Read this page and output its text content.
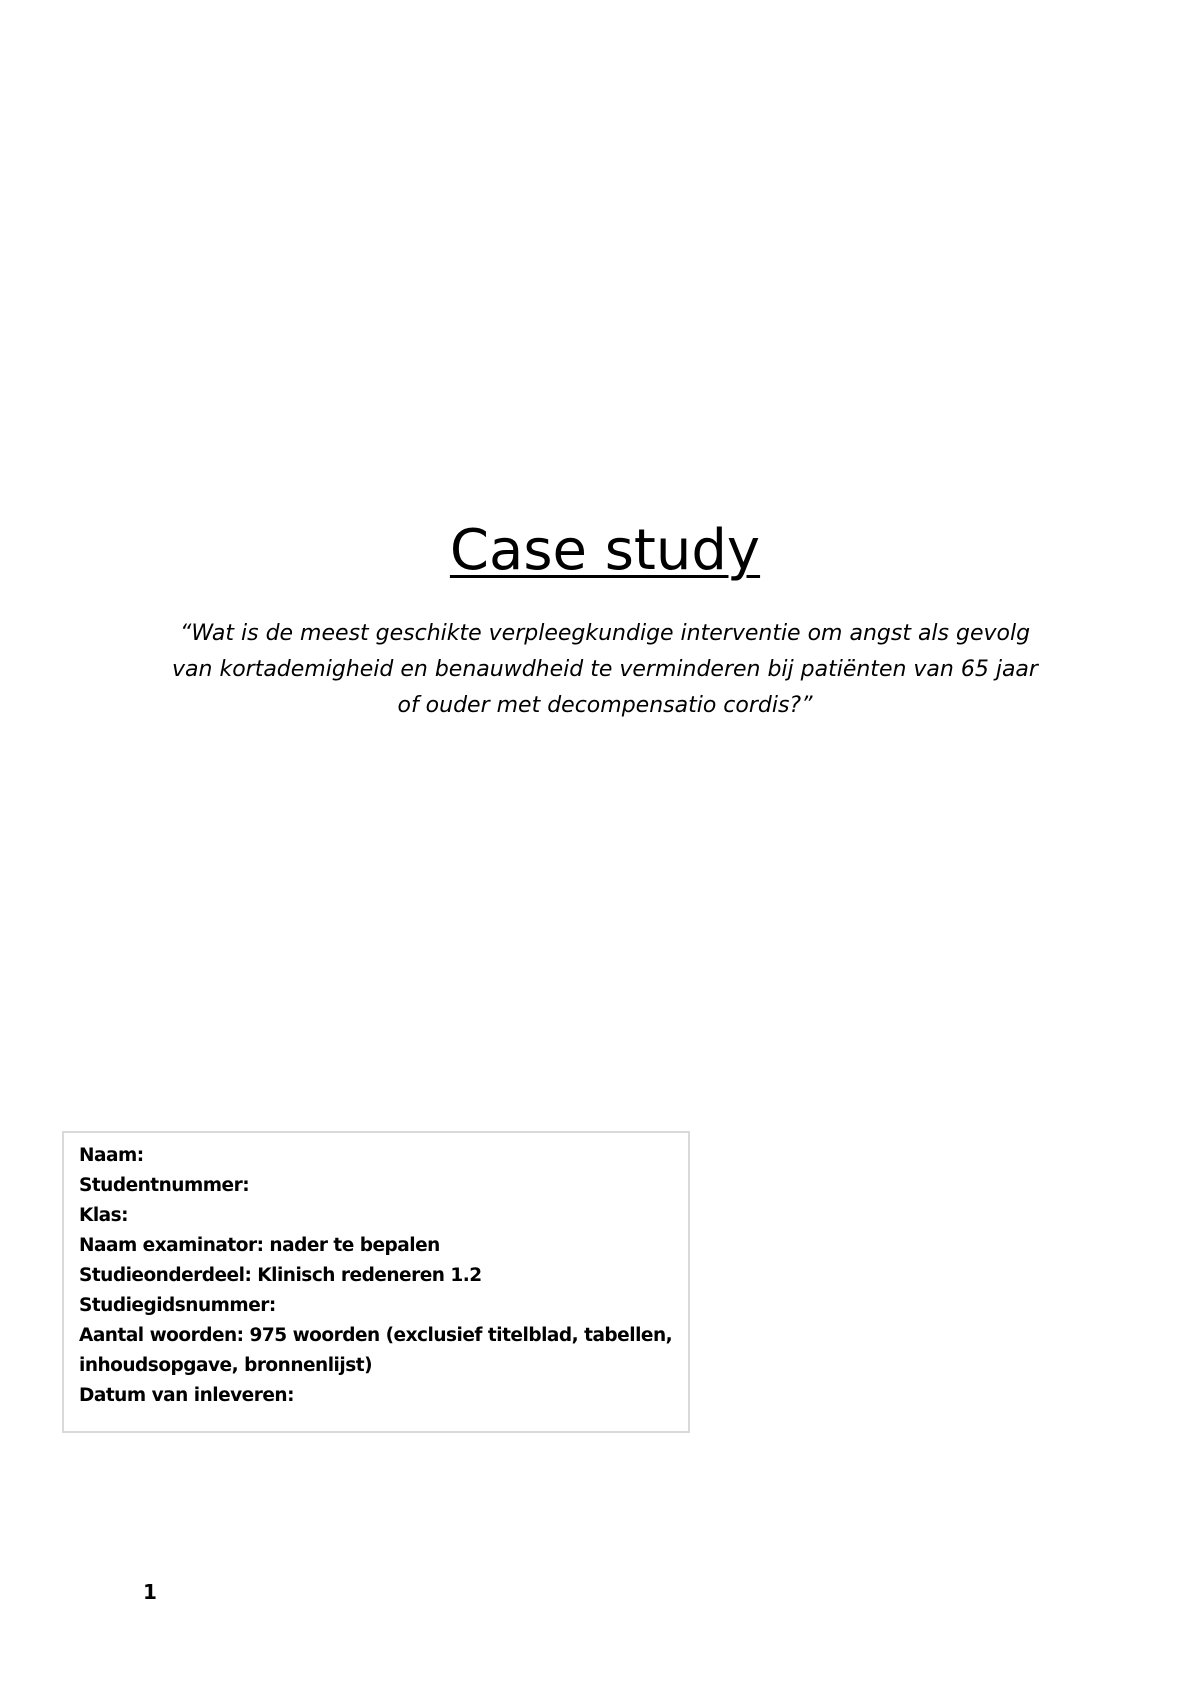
Case study
“Wat is de meest geschikte verpleegkundige interventie om angst als gevolg
van kortademigheid en benauwdheid te verminderen bij patiënten van 65 jaar
of ouder met decompensatio cordis?”
Naam:
Studentnummer:
Klas:
Naam examinator: nader te bepalen
Studieonderdeel: Klinisch redeneren 1.2
Studiegidsnummer:
Aantal woorden: 975 woorden (exclusief titelblad, tabellen,
inhoudsopgave, bronnenlijst)
Datum van inleveren:
1
